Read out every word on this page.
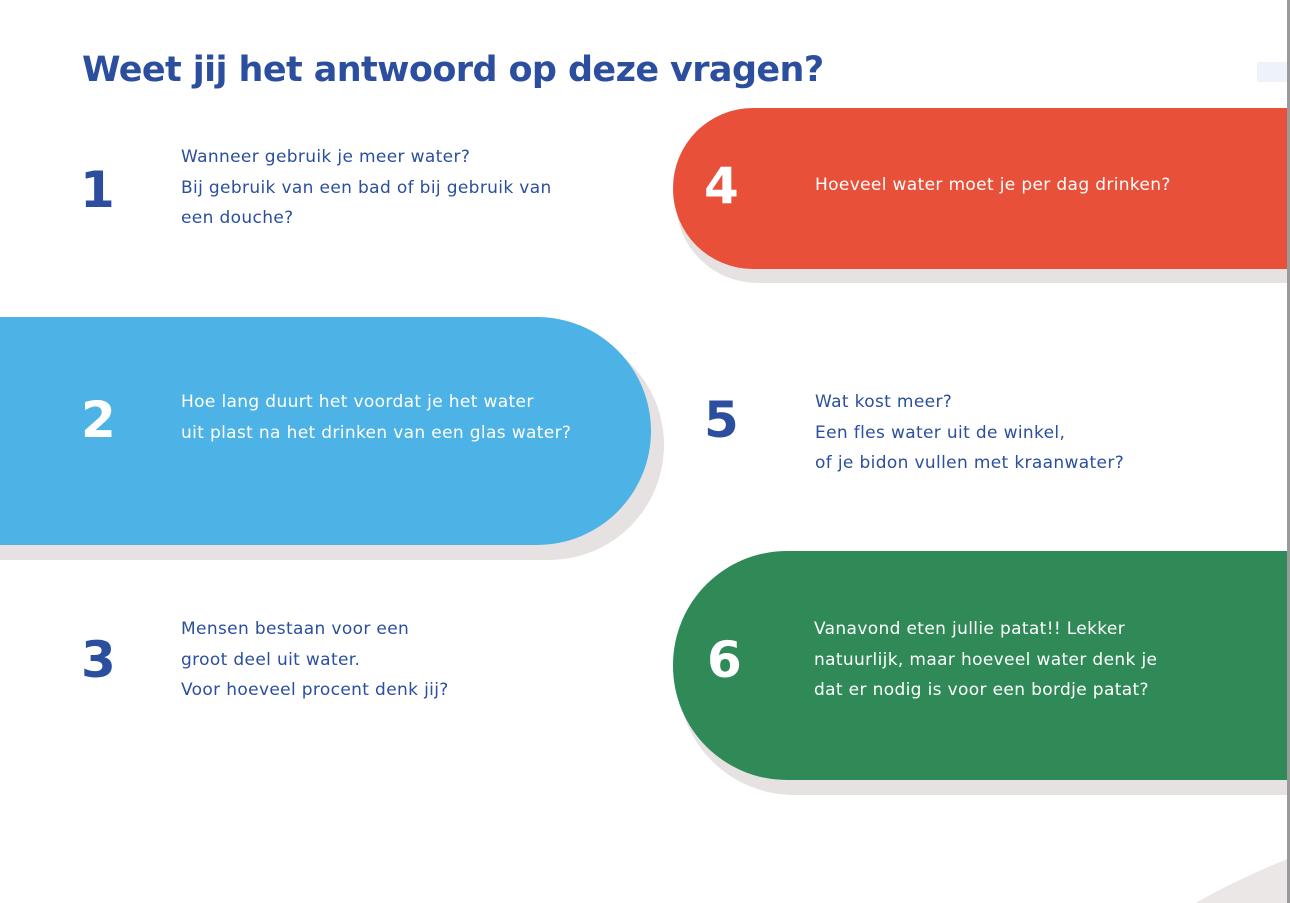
Weet jij het antwoord op deze vragen?
1
Wanneer gebruik je meer water?
Bij gebruik van een bad of bij gebruik van
een douche?
2	Hoe lang duurt het voordat je het water
uit plast na het drinken van een glas water?
3
Mensen bestaan voor een
groot deel uit water.
Voor hoeveel procent denk jij?
4	Hoeveel water moet je per dag drinken?
5	Wat kost meer?
Een fles water uit de winkel,
of je bidon vullen met kraanwater?
6
Vanavond eten jullie patat!! Lekker
natuurlijk, maar hoeveel water denk je
dat er nodig is voor een bordje patat?
